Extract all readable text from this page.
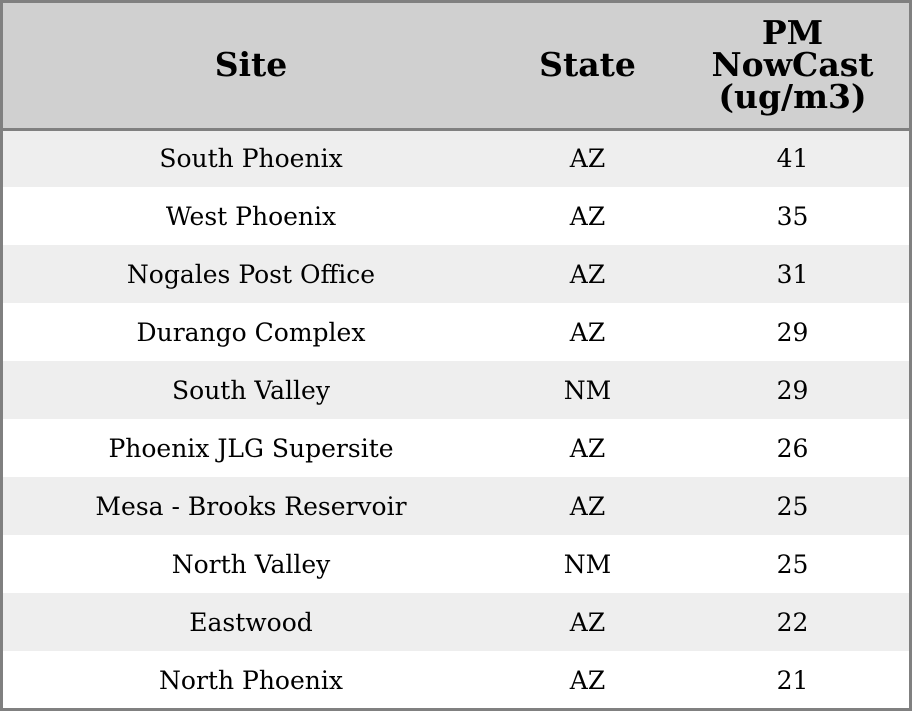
Site	State	PM
NowCast
(ug/m3)

South Phoenix	AZ	41
West Phoenix	AZ	35
Nogales Post Office	AZ	31
Durango Complex	AZ	29
South Valley	NM	29
Phoenix JLG Supersite	AZ	26
Mesa - Brooks Reservoir	AZ	25
North Valley	NM	25
Eastwood	AZ	22
North Phoenix	AZ	21
